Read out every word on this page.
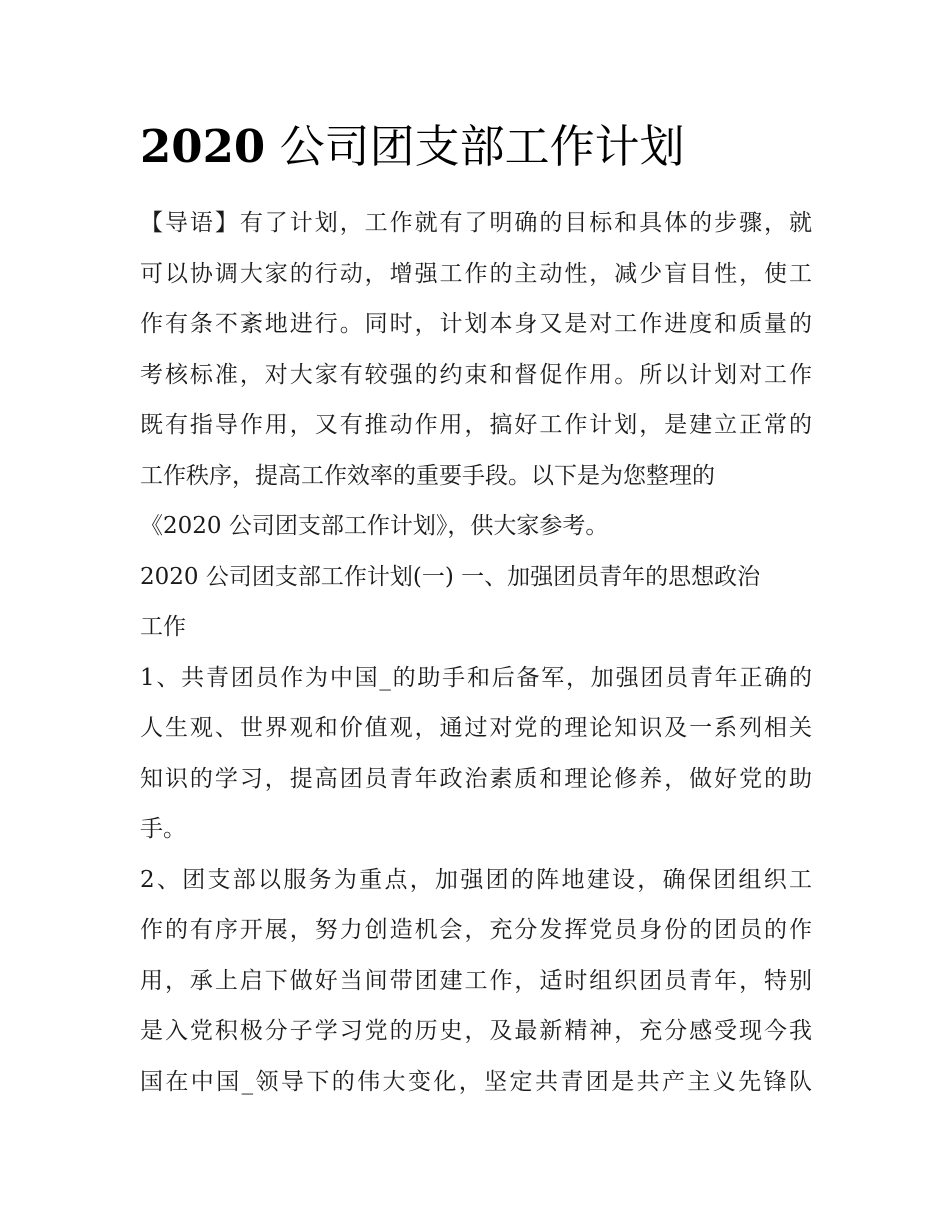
2020 公司团支部工作计划
【导语】有了计划，工作就有了明确的目标和具体的步骤，就
可以协调大家的行动，增强工作的主动性，减少盲目性，使工
作有条不紊地进行。同时，计划本身又是对工作进度和质量的
考核标准，对大家有较强的约束和督促作用。所以计划对工作
既有指导作用，又有推动作用，搞好工作计划，是建立正常的
工作秩序，提高工作效率的重要手段。以下是为您整理的
《2020 公司团支部工作计划》，供大家参考。
2020 公司团支部工作计划(一) 一、加强团员青年的思想政治
工作
1、共青团员作为中国_的助手和后备军，加强团员青年正确的
人生观、世界观和价值观，通过对党的理论知识及一系列相关
知识的学习，提高团员青年政治素质和理论修养，做好党的助
手。
2、团支部以服务为重点，加强团的阵地建设，确保团组织工
作的有序开展，努力创造机会，充分发挥党员身份的团员的作
用，承上启下做好当间带团建工作，适时组织团员青年，特别
是入党积极分子学习党的历史，及最新精神，充分感受现今我
国在中国_领导下的伟大变化，坚定共青团是共产主义先锋队
